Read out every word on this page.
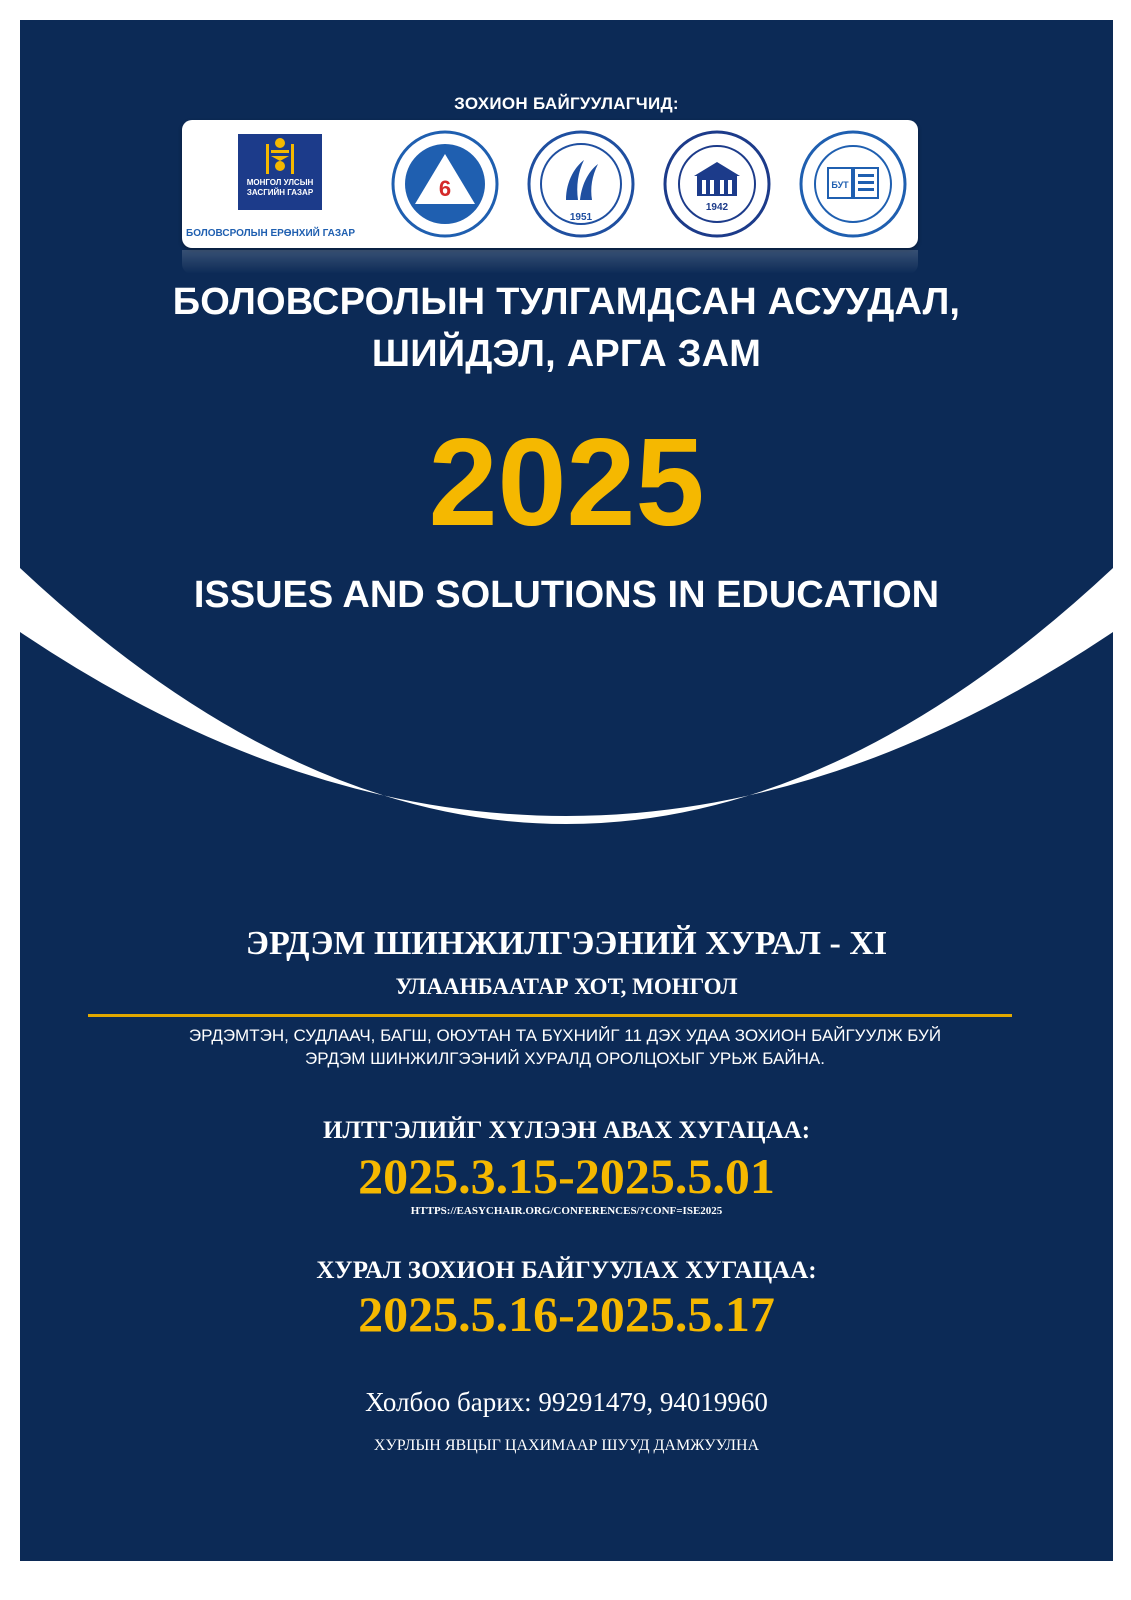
ЗОХИОН БАЙГУУЛАГЧИД:
МОНГОЛ УЛСЫН ЗАСГИЙН ГАЗАР
БОЛОВСРОЛЫН ЕРӨНХИЙ ГАЗАР
6
1951
1942
БУТ
БОЛОВСРОЛЫН ТУЛГАМДСАН АСУУДАЛ,
ШИЙДЭЛ, АРГА ЗАМ
2025
ISSUES AND SOLUTIONS IN EDUCATION
ЭРДЭМ ШИНЖИЛГЭЭНИЙ ХУРАЛ - XI
УЛААНБААТАР ХОТ, МОНГОЛ
ЭРДЭМТЭН, СУДЛААЧ, БАГШ, ОЮУТАН ТА БҮХНИЙГ 11 ДЭХ УДАА ЗОХИОН БАЙГУУЛЖ БУЙ
ЭРДЭМ ШИНЖИЛГЭЭНИЙ ХУРАЛД ОРОЛЦОХЫГ УРЬЖ БАЙНА.
ИЛТГЭЛИЙГ ХҮЛЭЭН АВАХ ХУГАЦАА:
2025.3.15-2025.5.01
HTTPS://EASYCHAIR.ORG/CONFERENCES/?CONF=ISE2025
ХУРАЛ ЗОХИОН БАЙГУУЛАХ ХУГАЦАА:
2025.5.16-2025.5.17
Холбоо барих: 99291479, 94019960
ХУРЛЫН ЯВЦЫГ ЦАХИМААР ШУУД ДАМЖУУЛНА
